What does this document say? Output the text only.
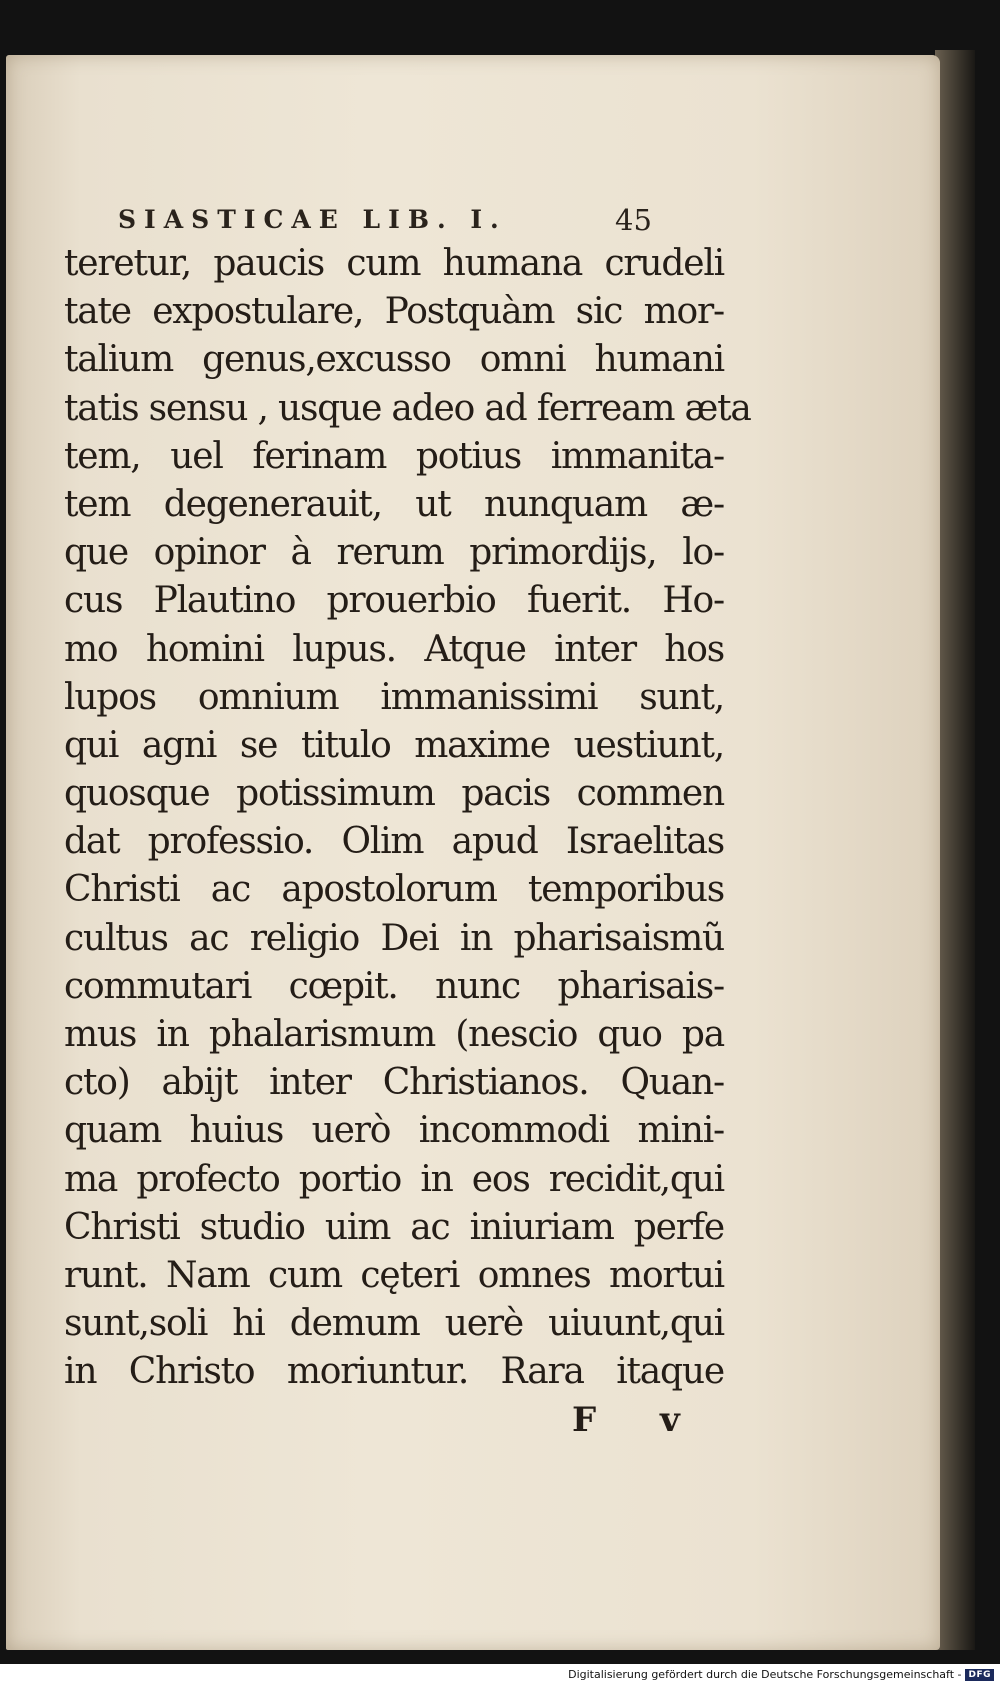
SIASTICAE LIB. I.	45
teretur, paucis cum humana crudeli
tate expostulare, Postquàm sic mor-
talium genus,excusso omni humani
tatis sensu , usque adeo ad ferream æta
tem, uel ferinam potius immanita-
tem degenerauit, ut nunquam æ-
que opinor à rerum primordijs, lo-
cus Plautino prouerbio fuerit. Ho-
mo homini lupus. Atque inter hos
lupos omnium immanissimi sunt,
qui agni se titulo maxime uestiunt,
quosque potissimum pacis commen
dat professio. Olim apud Israelitas
Christi ac apostolorum temporibus
cultus ac religio Dei in pharisaismũ
commutari cœpit. nunc pharisais-
mus in phalarismum (nescio quo pa
cto) abijt inter Christianos. Quan-
quam huius uerò incommodi mini-
ma profecto portio in eos recidit,qui
Christi studio uim ac iniuriam perfe
runt. Nam cum cęteri omnes mortui
sunt,soli hi demum uerè uiuunt,qui
in Christo moriuntur. Rara itaque
F v
Digitalisierung gefördert durch die Deutsche Forschungsgemeinschaft - DFG
